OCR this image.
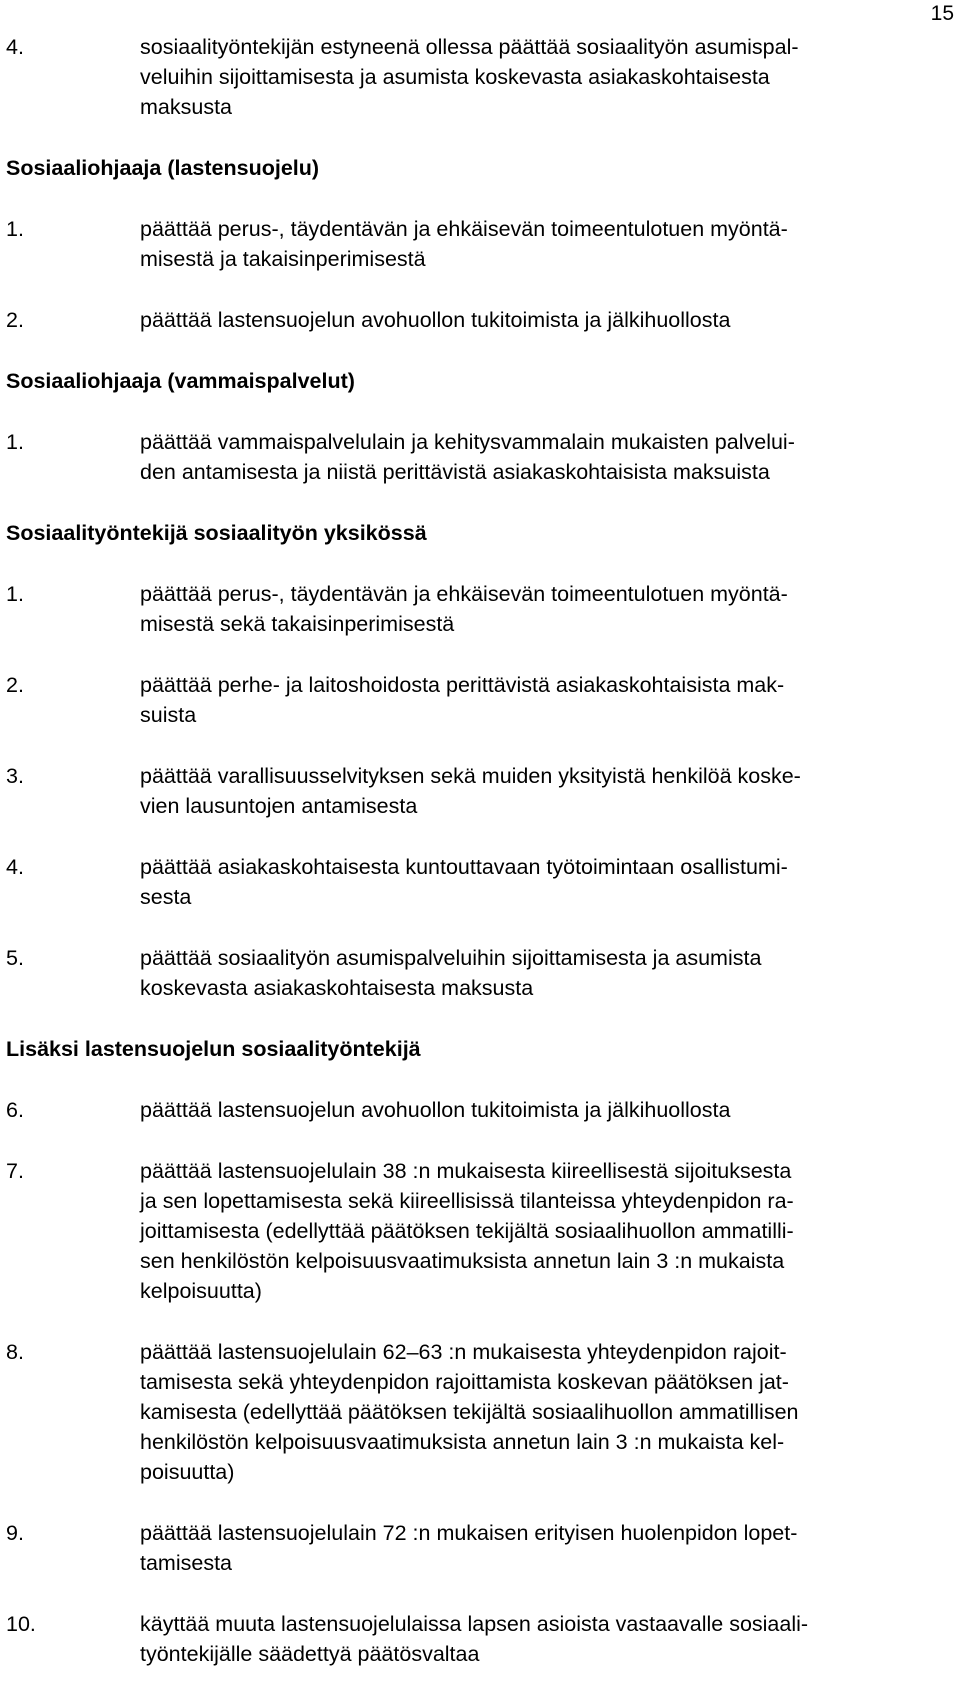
15
4.	sosiaalityöntekijän estyneenä ollessa päättää sosiaalityön asumispal-
veluihin sijoittamisesta ja asumista koskevasta asiakaskohtaisesta
maksusta
Sosiaaliohjaaja (lastensuojelu)
1.	päättää perus-, täydentävän ja ehkäisevän toimeentulotuen myöntä-
misestä ja takaisinperimisestä
2.	päättää lastensuojelun avohuollon tukitoimista ja jälkihuollosta
Sosiaaliohjaaja (vammaispalvelut)
1.	päättää vammaispalvelulain ja kehitysvammalain mukaisten palvelui-
den antamisesta ja niistä perittävistä asiakaskohtaisista maksuista
Sosiaalityöntekijä sosiaalityön yksikössä
1.	päättää perus-, täydentävän ja ehkäisevän toimeentulotuen myöntä-
misestä sekä takaisinperimisestä
2.	päättää perhe- ja laitoshoidosta perittävistä asiakaskohtaisista mak-
suista
3.	päättää varallisuusselvityksen sekä muiden yksityistä henkilöä koske-
vien lausuntojen antamisesta
4.	päättää asiakaskohtaisesta kuntouttavaan työtoimintaan osallistumi-
sesta
5.	päättää sosiaalityön asumispalveluihin sijoittamisesta ja asumista
koskevasta asiakaskohtaisesta maksusta
Lisäksi lastensuojelun sosiaalityöntekijä
6.	päättää lastensuojelun avohuollon tukitoimista ja jälkihuollosta
7.	päättää lastensuojelulain 38 :n mukaisesta kiireellisestä sijoituksesta
ja sen lopettamisesta sekä kiireellisissä tilanteissa yhteydenpidon ra-
joittamisesta (edellyttää päätöksen tekijältä sosiaalihuollon ammatilli-
sen henkilöstön kelpoisuusvaatimuksista annetun lain 3 :n mukaista
kelpoisuutta)
8.	päättää lastensuojelulain 62–63 :n mukaisesta yhteydenpidon rajoit-
tamisesta sekä yhteydenpidon rajoittamista koskevan päätöksen jat-
kamisesta (edellyttää päätöksen tekijältä sosiaalihuollon ammatillisen
henkilöstön kelpoisuusvaatimuksista annetun lain 3 :n mukaista kel-
poisuutta)
9.	päättää lastensuojelulain 72 :n mukaisen erityisen huolenpidon lopet-
tamisesta
10.	käyttää muuta lastensuojelulaissa lapsen asioista vastaavalle sosiaali-
työntekijälle säädettyä päätösvaltaa
